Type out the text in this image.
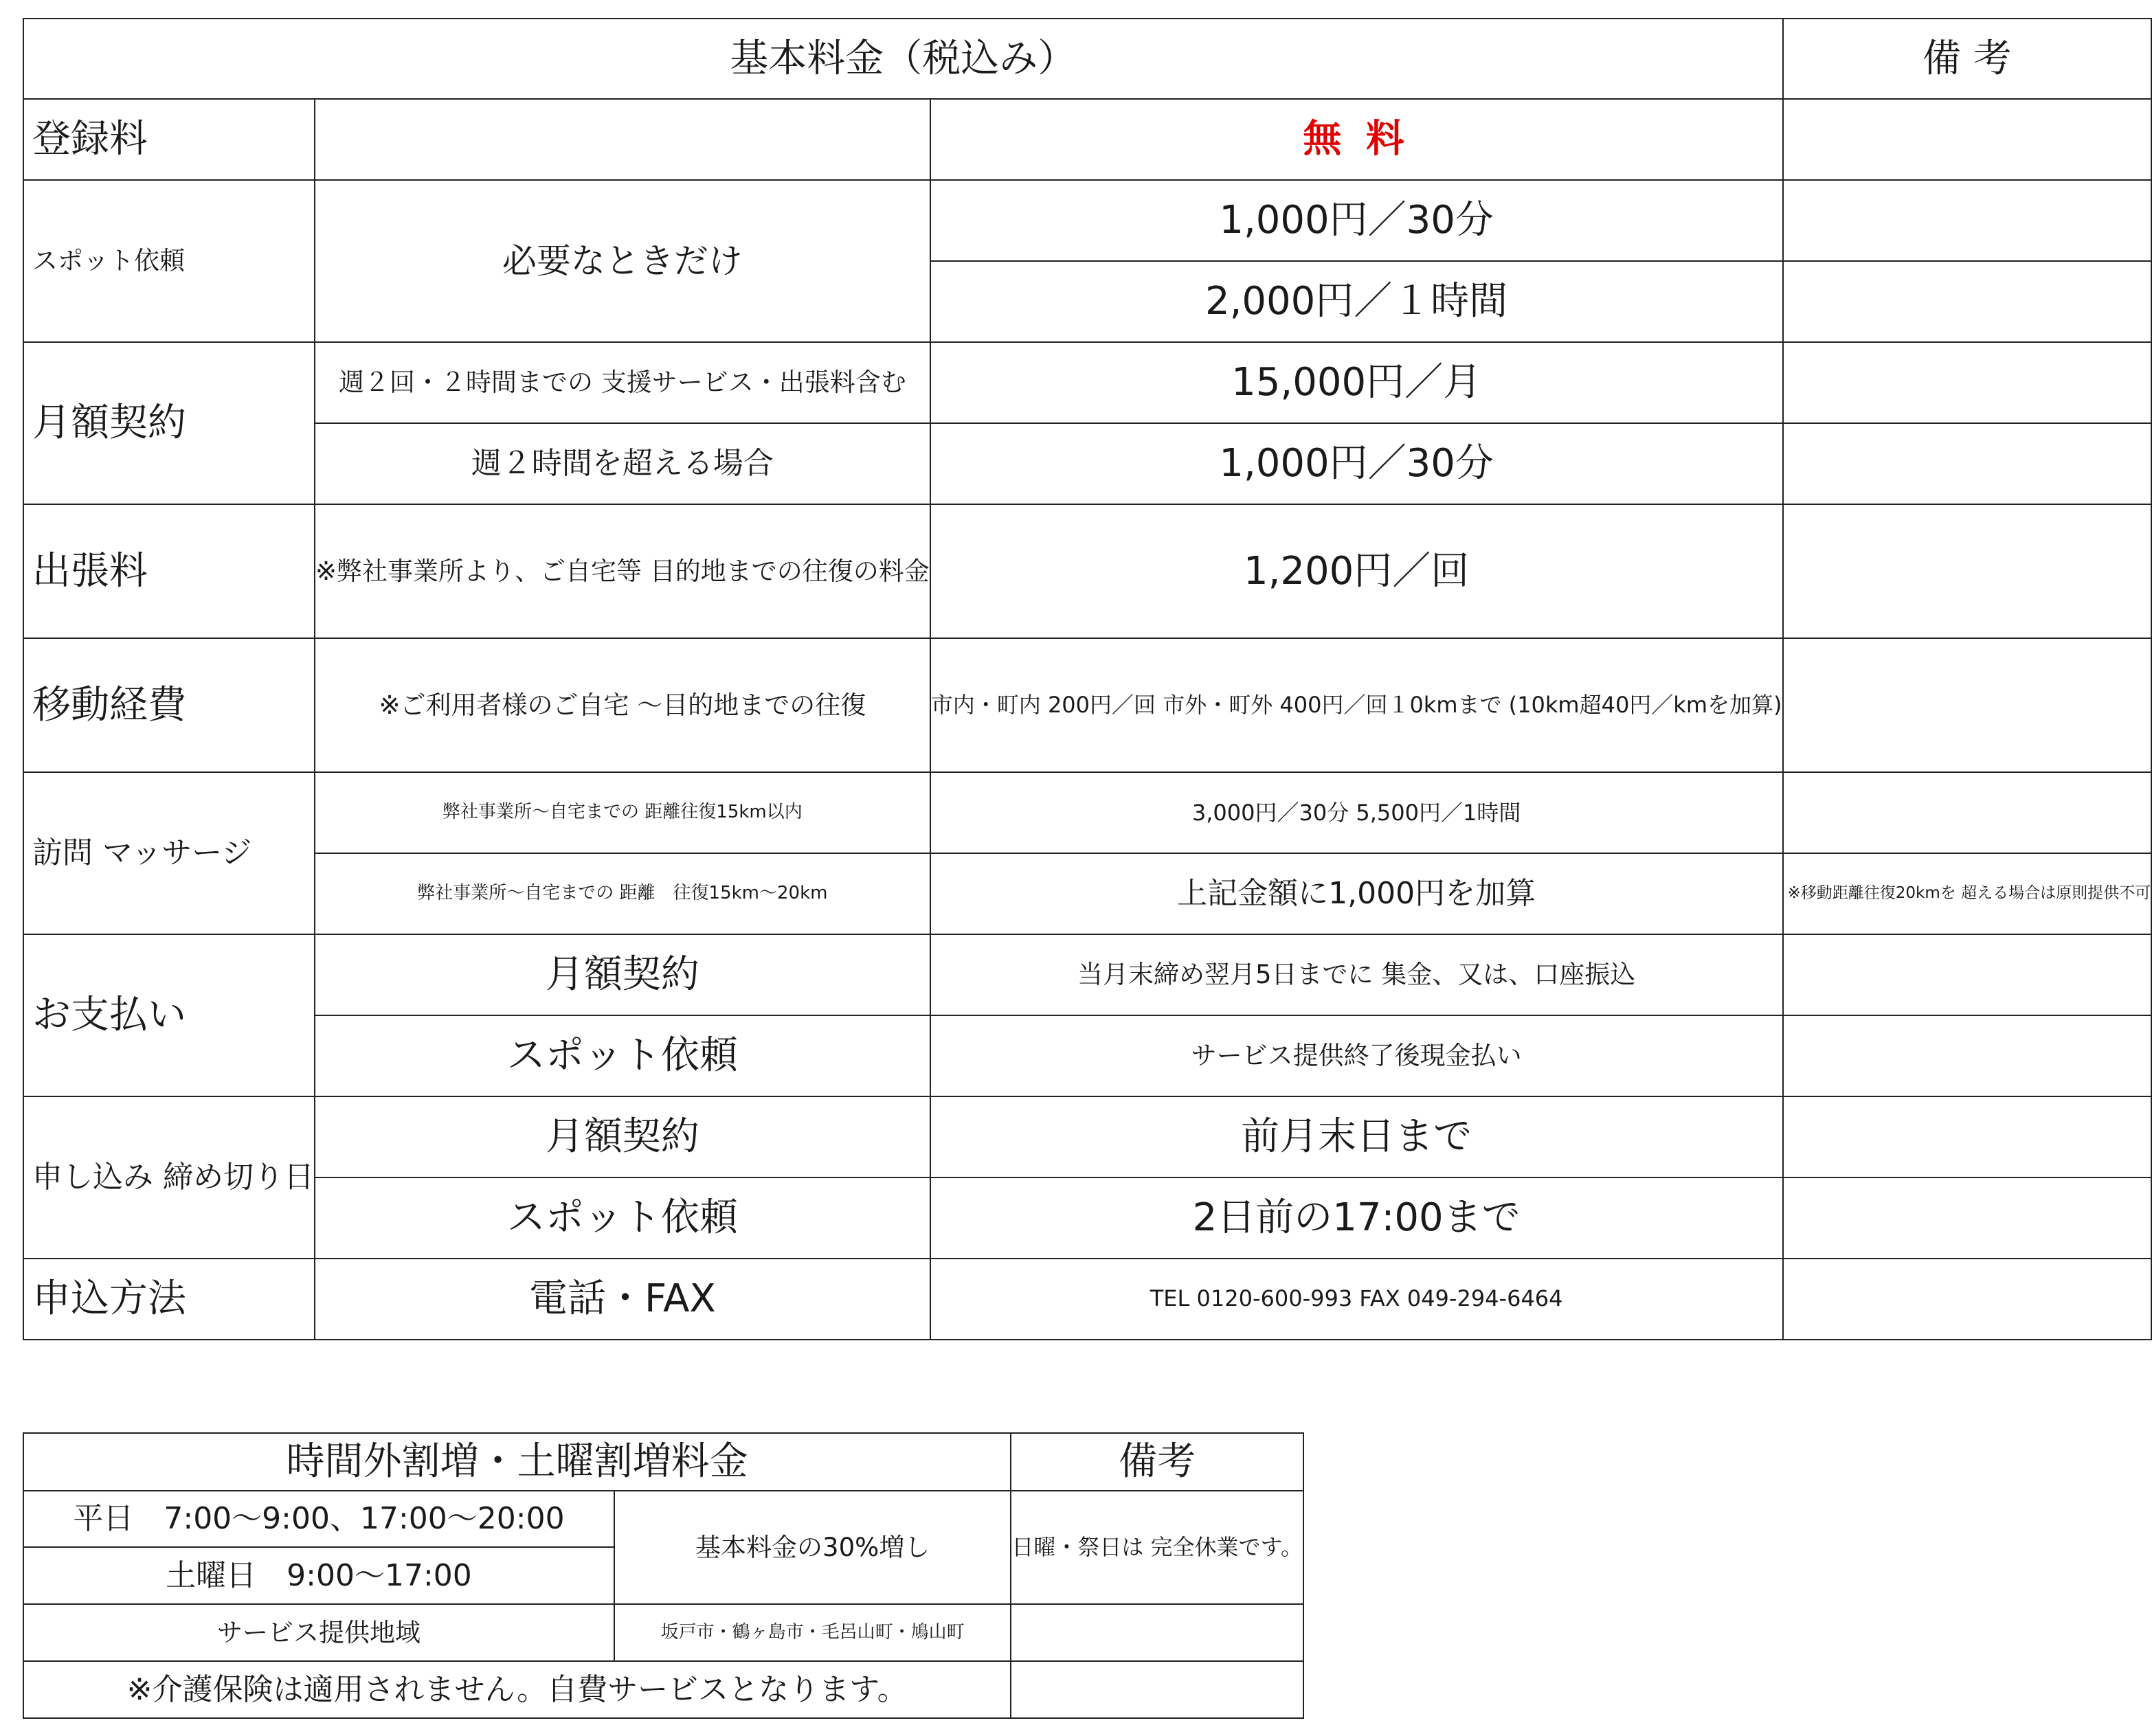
基本料金（税込み）			備 考
登録料		無 料	
スポット依頼	必要なときだけ	1,000円／30分	
		2,000円／１時間	
月額契約	週２回・２時間までの 支援サービス・出張料含む	15,000円／月	
	週２時間を超える場合	1,000円／30分	
出張料	※弊社事業所より、ご自宅等 目的地までの往復の料金	1,200円／回	
移動経費	※ご利用者様のご自宅 ～目的地までの往復	市内・町内 200円／回 市外・町外 400円／回１0kmまで (10km超40円／kmを加算)	
訪問 マッサージ	弊社事業所～自宅までの 距離往復15km以内	3,000円／30分 5,500円／1時間	
	弊社事業所～自宅までの 距離　往復15km～20km	上記金額に1,000円を加算	※移動距離往復20kmを 超える場合は原則提供不可
お支払い	月額契約	当月末締め翌月5日までに 集金、又は、口座振込	
	スポット依頼	サービス提供終了後現金払い	
申し込み 締め切り日	月額契約	前月末日まで	
	スポット依頼	2日前の17:00まで	
申込方法	電話・FAX	TEL 0120-600-993 FAX 049-294-6464	
時間外割増・土曜割増料金		備考
平日　7:00～9:00、17:00～20:00	基本料金の30%増し	日曜・祭日は 完全休業です。
土曜日　9:00～17:00		
サービス提供地域	坂戸市・鶴ヶ島市・毛呂山町・鳩山町	
※介護保険は適用されません。自費サービスとなります。		
